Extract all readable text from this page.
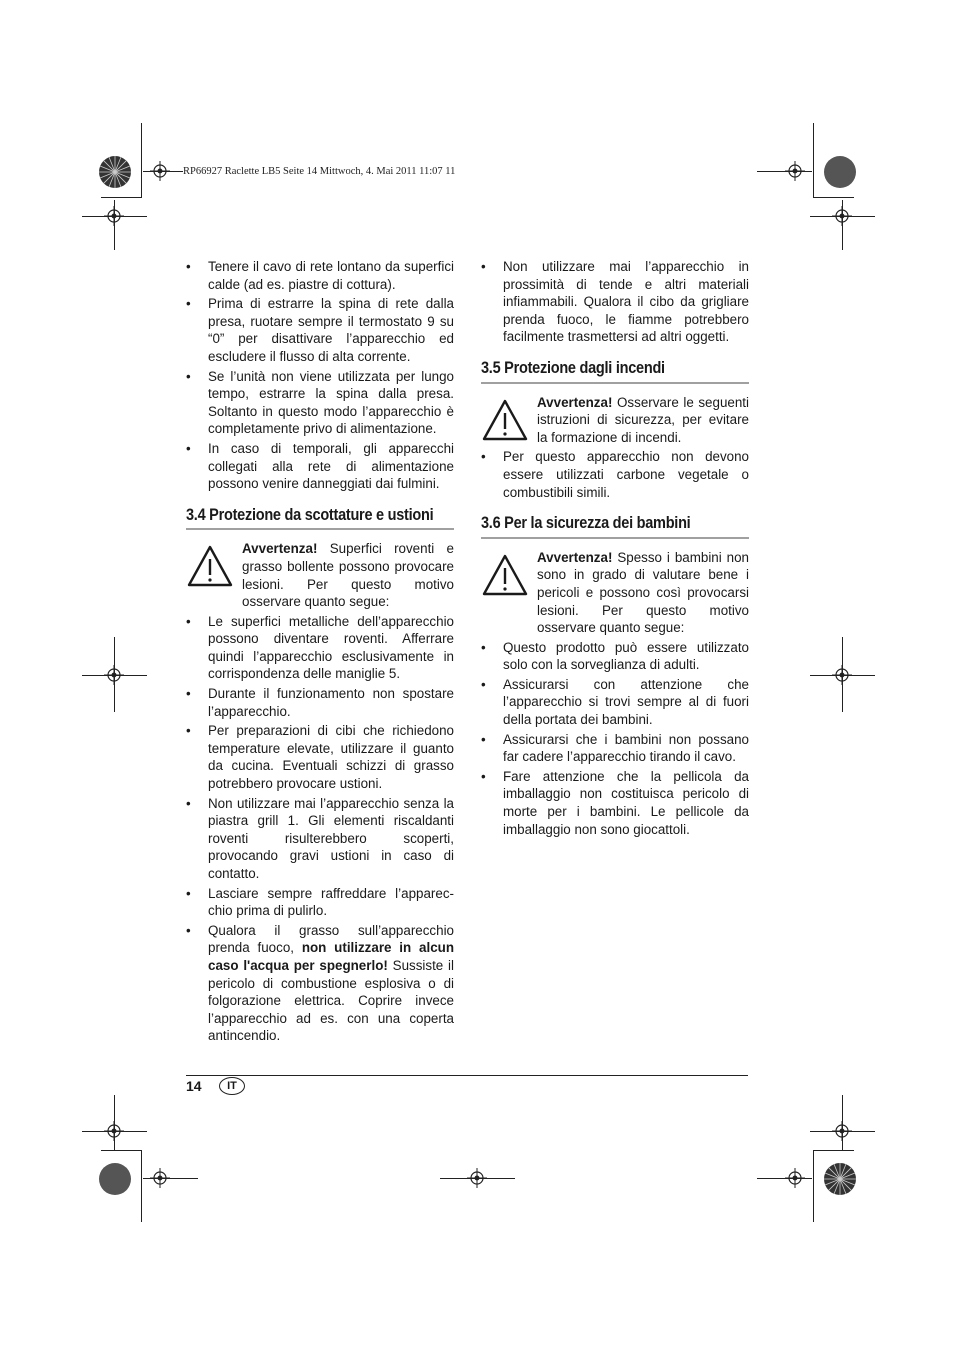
RP66927 Raclette LB5 Seite 14 Mittwoch, 4. Mai 2011 11:07 11
• Tenere il cavo di rete lontano da superfici calde (ad es. piastre di cottura).
• Prima di estrarre la spina di rete dalla presa, ruotare sempre il termostato 9 su “0” per disattivare l’apparecchio ed escludere il flusso di alta corrente.
• Se l’unità non viene utilizzata per lungo tempo, estrarre la spina dalla presa. Soltanto in questo modo l’apparecchio è completamente privo di alimentazione.
• In caso di temporali, gli apparecchi collegati alla rete di alimentazione possono venire danneggiati dai fulmini.
3.4 Protezione da scottature e ustioni
Avvertenza! Superfici roventi e grasso bollente possono provocare lesioni. Per questo motivo osservare quanto segue:
• Le superfici metalliche dell’apparecchio possono diventare roventi. Afferrare quindi l’apparecchio esclusivamente in corrispondenza delle maniglie 5.
• Durante il funzionamento non spostare l’apparecchio.
• Per preparazioni di cibi che richiedono temperature elevate, utilizzare il guanto da cucina. Eventuali schizzi di grasso potrebbero provocare ustioni.
• Non utilizzare mai l’apparecchio senza la piastra grill 1. Gli elementi riscaldanti roventi risulterebbero scoperti, provocando gravi ustioni in caso di contatto.
• Lasciare sempre raffreddare l’apparec-chio prima di pulirlo.
• Qualora il grasso sull’apparecchio prenda fuoco, non utilizzare in alcun caso l'acqua per spegnerlo! Sussiste il pericolo di combustione esplosiva o di folgorazione elettrica. Coprire invece l’apparecchio ad es. con una coperta antincendio.
• Non utilizzare mai l’apparecchio in prossimità di tende e altri materiali infiammabili. Qualora il cibo da grigliare prenda fuoco, le fiamme potrebbero facilmente trasmettersi ad altri oggetti.
3.5 Protezione dagli incendi
Avvertenza! Osservare le seguenti istruzioni di sicurezza, per evitare la formazione di incendi.
• Per questo apparecchio non devono essere utilizzati carbone vegetale o combustibili simili.
3.6 Per la sicurezza dei bambini
Avvertenza! Spesso i bambini non sono in grado di valutare bene i pericoli e possono così provocarsi lesioni. Per questo motivo osservare quanto segue:
• Questo prodotto può essere utilizzato solo con la sorveglianza di adulti.
• Assicurarsi con attenzione che l’apparecchio si trovi sempre al di fuori della portata dei bambini.
• Assicurarsi che i bambini non possano far cadere l’apparecchio tirando il cavo.
• Fare attenzione che la pellicola da imballaggio non costituisca pericolo di morte per i bambini. Le pellicole da imballaggio non sono giocattoli.
14	IT
